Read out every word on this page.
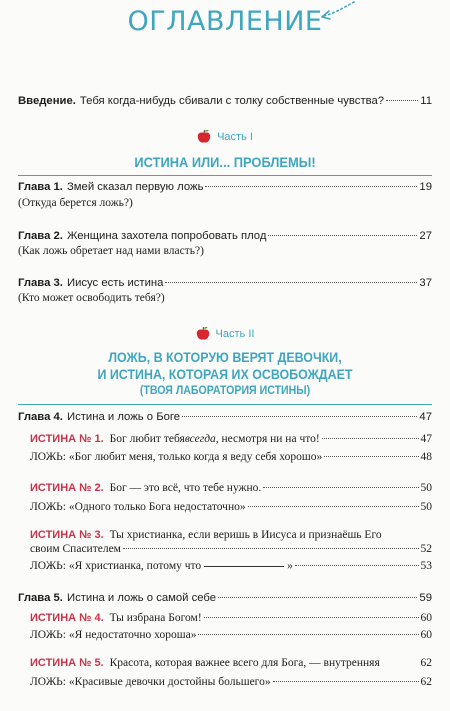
ОГЛАВЛЕНИЕ
Введение. Тебя когда-нибудь сбивали с толку собственные чувства?	11
Часть I
ИСТИНА ИЛИ... ПРОБЛЕМЫ!
Глава 1. Змей сказал первую ложь	19
(Откуда берется ложь?)
Глава 2. Женщина захотела попробовать плод	27
(Как ложь обретает над нами власть?)
Глава 3. Иисус есть истина	37
(Кто может освободить тебя?)
Часть II
ЛОЖЬ, В КОТОРУЮ ВЕРЯТ ДЕВОЧКИ,
И ИСТИНА, КОТОРАЯ ИХ ОСВОБОЖДАЕТ
(ТВОЯ ЛАБОРАТОРИЯ ИСТИНЫ)
Глава 4. Истина и ложь о Боге	47
ИСТИНА № 1. Бог любит тебя всегда , несмотря ни на что!	47
ЛОЖЬ: «Бог любит меня, только когда я веду себя хорошо»	48
ИСТИНА № 2. Бог — это всё, что тебе нужно.	50
ЛОЖЬ: «Одного только Бога недостаточно»	50
ИСТИНА № 3. Ты христианка, если веришь в Иисуса и признаёшь Его
своим Спасителем	52
ЛОЖЬ: «Я христианка, потому что	»	53
Глава 5. Истина и ложь о самой себе	59
ИСТИНА № 4. Ты избрана Богом!	60
ЛОЖЬ: «Я недостаточно хороша»	60
ИСТИНА № 5. Красота, которая важнее всего для Бога, — внутренняя	62
ЛОЖЬ: «Красивые девочки достойны большего»	62
